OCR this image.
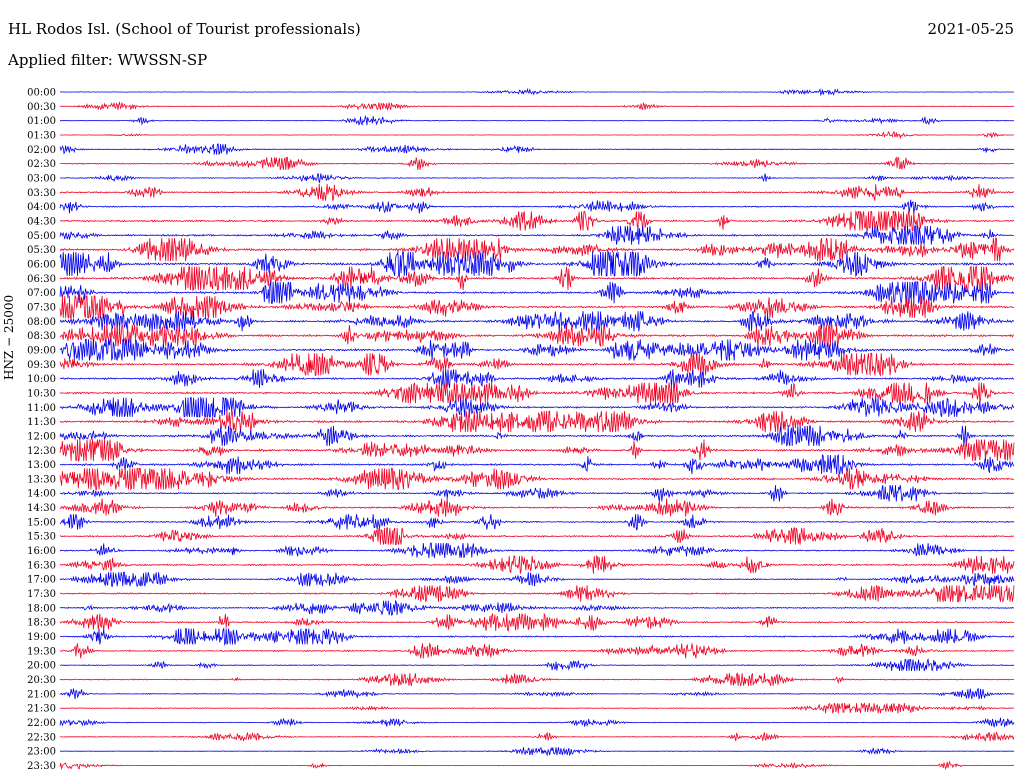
HL Rodos Isl. (School of Tourist professionals)	2021-05-25
Applied filter: WWSSN-SP
HNZ − 25000
00:00
00:30
01:00
01:30
02:00
02:30
03:00
03:30
04:00
04:30
05:00
05:30
06:00
06:30
07:00
07:30
08:00
08:30
09:00
09:30
10:00
10:30
11:00
11:30
12:00
12:30
13:00
13:30
14:00
14:30
15:00
15:30
16:00
16:30
17:00
17:30
18:00
18:30
19:00
19:30
20:00
20:30
21:00
21:30
22:00
22:30
23:00
23:30
